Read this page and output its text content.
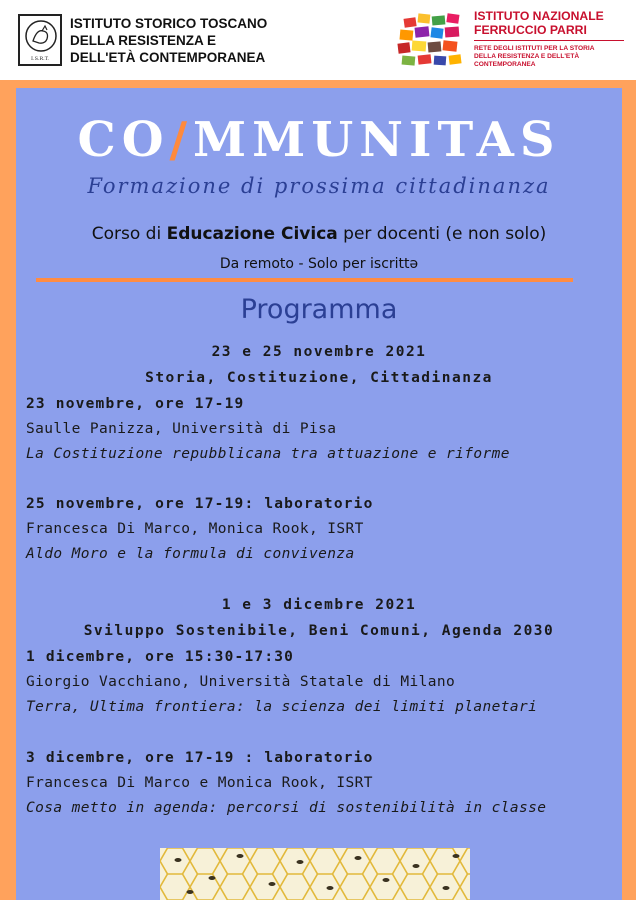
I.S.R.T.
ISTITUTO STORICO TOSCANO
DELLA RESISTENZA E
DELL'ETÀ CONTEMPORANEA
ISTITUTO NAZIONALE
FERRUCCIO PARRI
RETE DEGLI ISTITUTI PER LA STORIA
DELLA RESISTENZA E DELL'ETÀ
CONTEMPORANEA
CO/MMUNITAS
Formazione di prossima cittadinanza
Corso di Educazione Civica per docenti (e non solo)
Da remoto - Solo per iscrittə
Programma
23 e 25 novembre 2021
Storia, Costituzione, Cittadinanza
23 novembre, ore 17-19
Saulle Panizza, Università di Pisa
La Costituzione repubblicana tra attuazione e riforme
25 novembre, ore 17-19: laboratorio
Francesca Di Marco, Monica Rook, ISRT
Aldo Moro e la formula di convivenza
1 e 3 dicembre 2021
Sviluppo Sostenibile, Beni Comuni, Agenda 2030
1 dicembre, ore 15:30-17:30
Giorgio Vacchiano, Università Statale di Milano
Terra, Ultima frontiera: la scienza dei limiti planetari
3 dicembre, ore 17-19 : laboratorio
Francesca Di Marco e Monica Rook, ISRT
Cosa metto in agenda: percorsi di sostenibilità in classe
